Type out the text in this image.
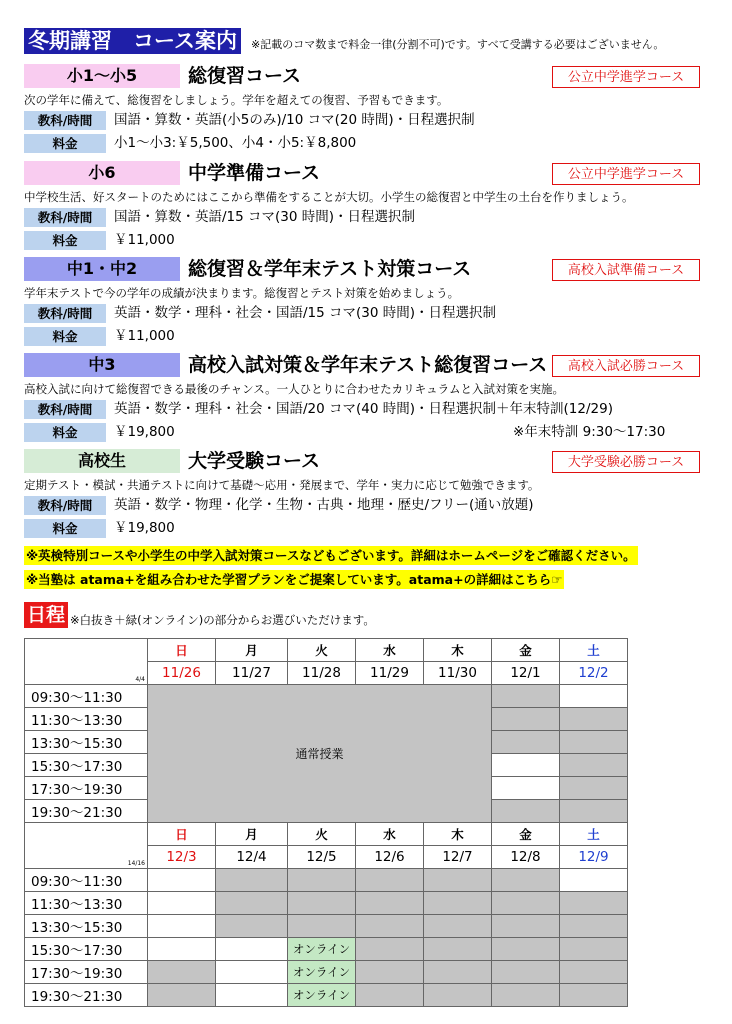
冬期講習　コース案内	※記載のコマ数まで料金一律(分割不可)です。すべて受講する必要はございません。
小1～小5	総復習コース	公立中学進学コース
次の学年に備えて、総復習をしましょう。学年を超えての復習、予習もできます。
教科/時間	国語・算数・英語(小5のみ)/10 コマ(20 時間)・日程選択制
料金	小1～小3:￥5,500、小4・小5:￥8,800
小6	中学準備コース	公立中学進学コース
中学校生活、好スタートのためにはここから準備をすることが大切。小学生の総復習と中学生の土台を作りましょう。
教科/時間	国語・算数・英語/15 コマ(30 時間)・日程選択制
料金	￥11,000
中1・中2	総復習＆学年末テスト対策コース	高校入試準備コース
学年末テストで今の学年の成績が決まります。総復習とテスト対策を始めましょう。
教科/時間	英語・数学・理科・社会・国語/15 コマ(30 時間)・日程選択制
料金	￥11,000
中3	高校入試対策＆学年末テスト総復習コース	高校入試必勝コース
高校入試に向けて総復習できる最後のチャンス。一人ひとりに合わせたカリキュラムと入試対策を実施。
教科/時間	英語・数学・理科・社会・国語/20 コマ(40 時間)・日程選択制＋年末特訓(12/29)
料金	￥19,800	※年末特訓 9:30～17:30
高校生	大学受験コース	大学受験必勝コース
定期テスト・模試・共通テストに向けて基礎～応用・発展まで、学年・実力に応じて勉強できます。
教科/時間	英語・数学・物理・化学・生物・古典・地理・歴史/フリー(通い放題)
料金	￥19,800
※英検特別コースや小学生の中学入試対策コースなどもございます。詳細はホームページをご確認ください。
※当塾は atama+を組み合わせた学習プランをご提案しています。atama+の詳細はこちら☞
日程 ※白抜き＋緑(オンライン)の部分からお選びいただけます。
4/4	日	月	火	水	木	金	土
	11/26	11/27	11/28	11/29	11/30	12/1	12/2
09:30～11:30	通常授業						
11:30～13:30							
13:30～15:30							
15:30～17:30							
17:30～19:30							
19:30～21:30							
14/16	日	月	火	水	木	金	土
	12/3	12/4	12/5	12/6	12/7	12/8	12/9
09:30～11:30							
11:30～13:30							
13:30～15:30							
15:30～17:30			オンライン				
17:30～19:30			オンライン				
19:30～21:30			オンライン				
